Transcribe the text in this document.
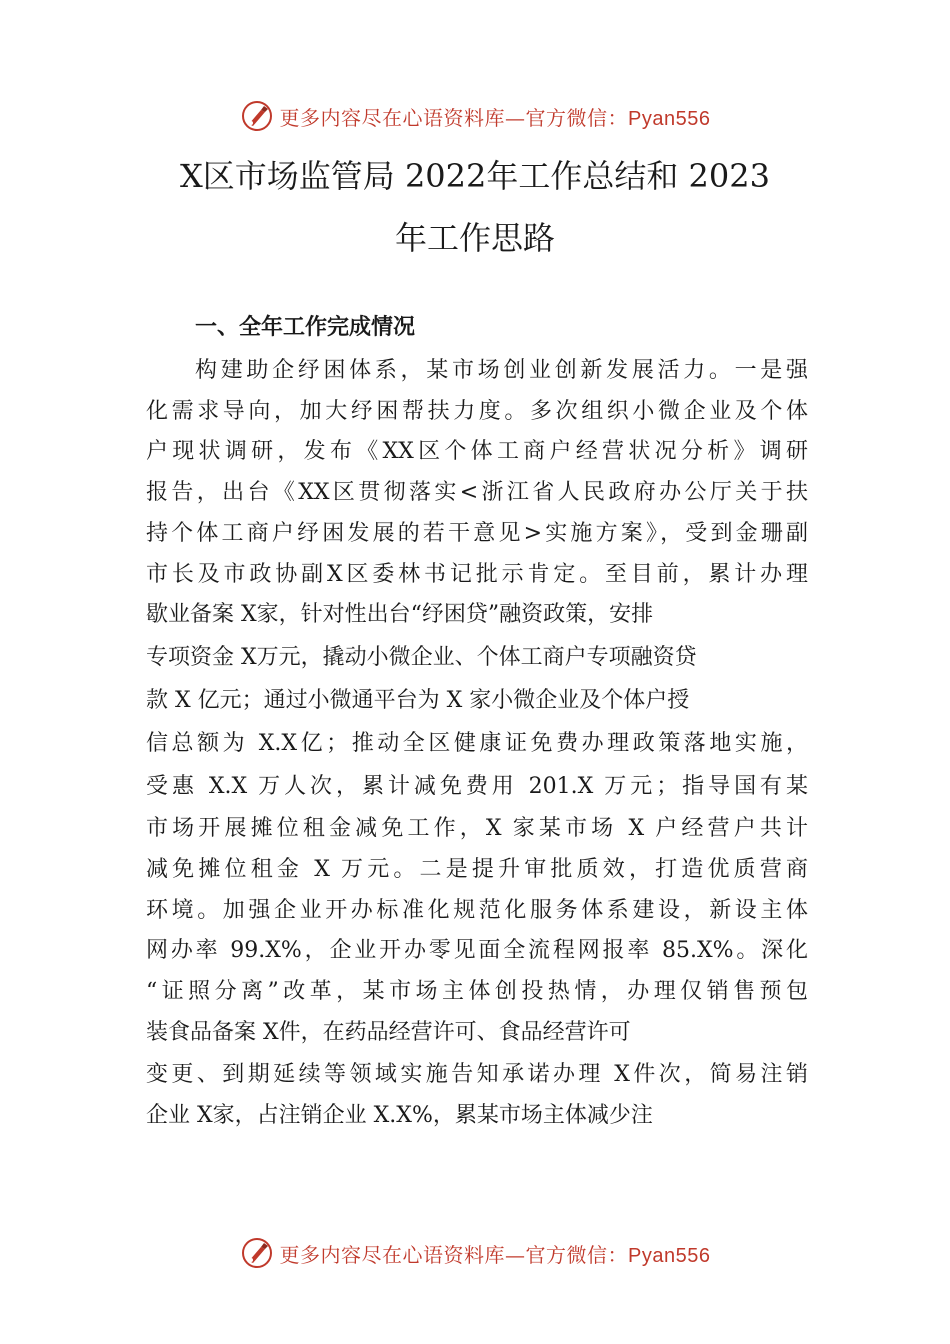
更多内容尽在心语资料库—官方微信：Pyan556
X区市场监管局 2022年工作总结和 2023
年工作思路
一、全年工作完成情况
构建助企纾困体系，某市场创业创新发展活力。一是强
化需求导向，加大纾困帮扶力度。多次组织小微企业及个体
户现状调研，发布《XX区个体工商户经营状况分析》调研
报告，出台《XX区贯彻落实<浙江省人民政府办公厅关于扶
持个体工商户纾困发展的若干意见>实施方案》，受到金珊副
市长及市政协副X区委林书记批示肯定。至目前，累计办理
歇业备案 X家，针对性出台“纾困贷”融资政策，安排
专项资金 X万元，撬动小微企业、个体工商户专项融资贷
款 X 亿元；通过小微通平台为 X 家小微企业及个体户授
信总额为 X.X亿；推动全区健康证免费办理政策落地实施，
受惠 X.X 万人次，累计减免费用 201.X 万元；指导国有某
市场开展摊位租金减免工作，X 家某市场 X 户经营户共计
减免摊位租金 X 万元。二是提升审批质效，打造优质营商
环境。加强企业开办标准化规范化服务体系建设，新设主体
网办率 99.X%，企业开办零见面全流程网报率 85.X%。深化
“证照分离”改革，某市场主体创投热情，办理仅销售预包
装食品备案 X件，在药品经营许可、食品经营许可
变更、到期延续等领域实施告知承诺办理 X件次，简易注销
企业 X家，占注销企业 X.X%，累某市场主体减少注
更多内容尽在心语资料库—官方微信：Pyan556
